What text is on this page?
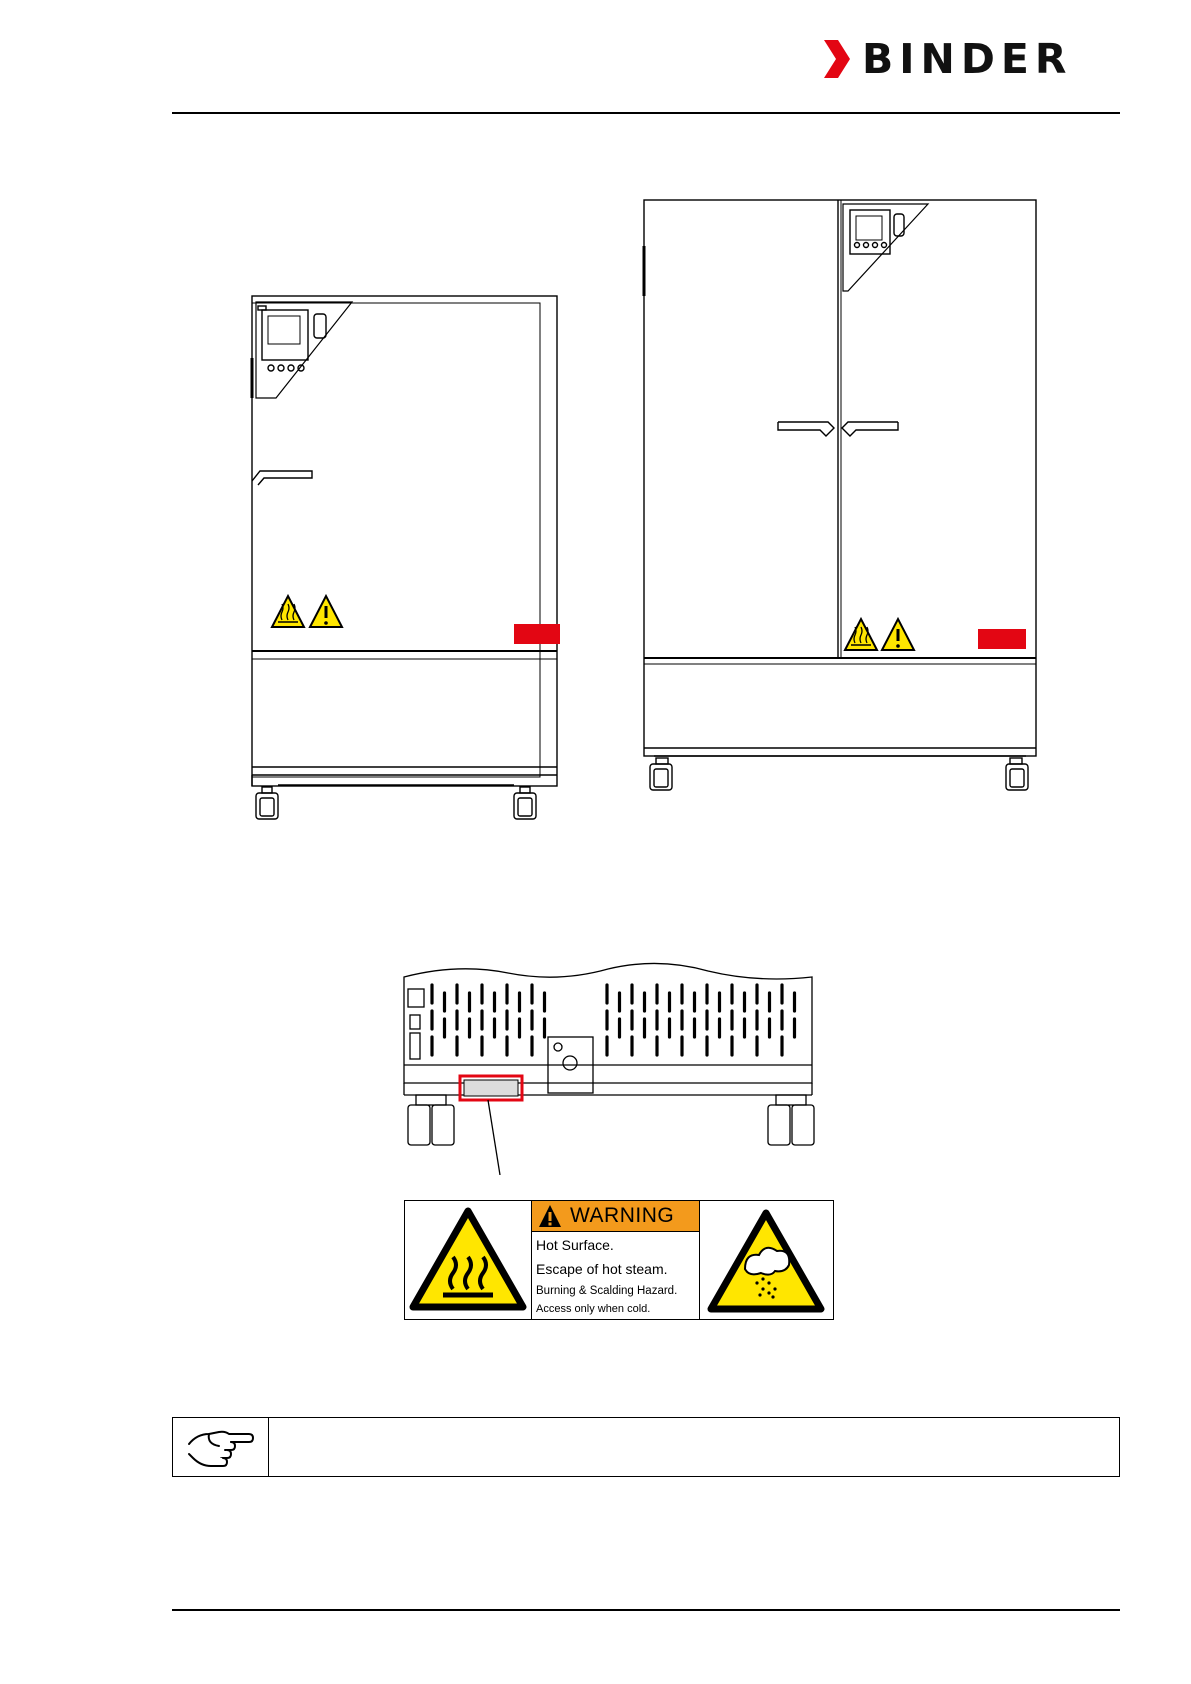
BINDER
WARNING
Hot Surface.
Escape of hot steam.
Burning & Scalding Hazard.
Access only when cold.
